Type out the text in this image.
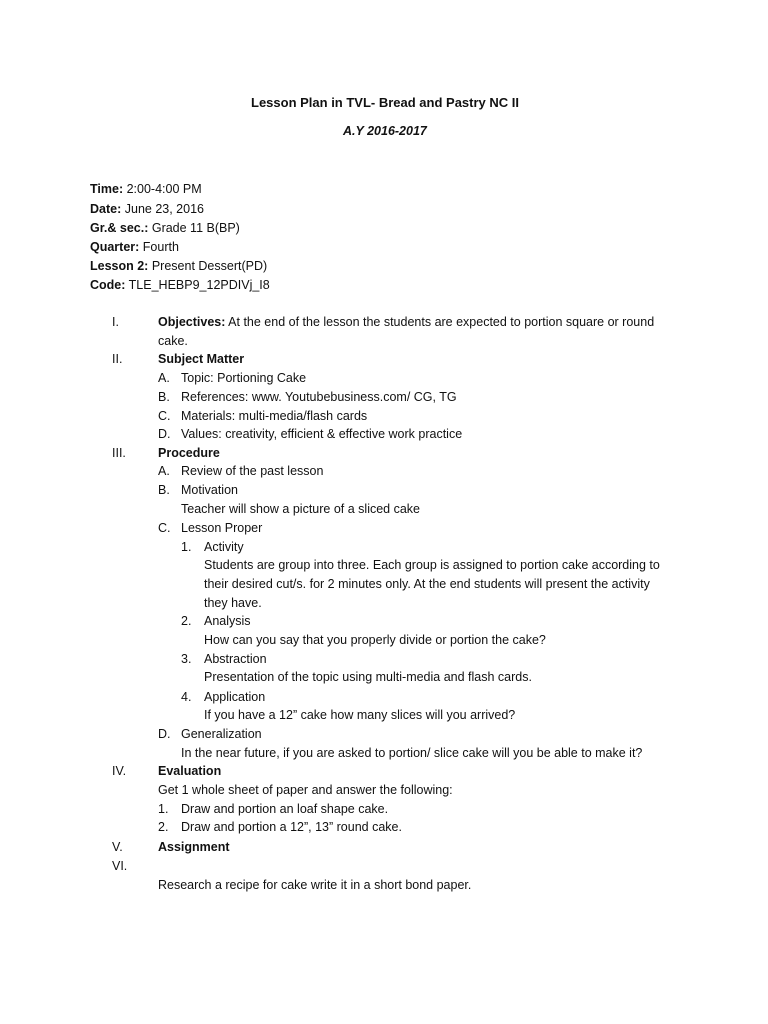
Lesson Plan in TVL- Bread and Pastry NC II
A.Y 2016-2017
Time: 2:00-4:00 PM
Date: June 23, 2016
Gr.& sec.: Grade 11 B(BP)
Quarter: Fourth
Lesson 2: Present Dessert(PD)
Code: TLE_HEBP9_12PDIVj_I8
I.	Objectives: At the end of the lesson the students are expected to portion square or round
cake.
II.	Subject Matter
A. Topic: Portioning Cake
B. References: www. Youtubebusiness.com/ CG, TG
C. Materials: multi-media/flash cards
D. Values: creativity, efficient & effective work practice
III.	Procedure
A. Review of the past lesson
B. Motivation
Teacher will show a picture of a sliced cake
C. Lesson Proper
1. Activity
Students are group into three. Each group is assigned to portion cake according to
their desired cut/s. for 2 minutes only. At the end students will present the activity
they have.
2. Analysis
How can you say that you properly divide or portion the cake?
3. Abstraction
Presentation of the topic using multi-media and flash cards.
4. Application
If you have a 12” cake how many slices will you arrived?
D. Generalization
In the near future, if you are asked to portion/ slice cake will you be able to make it?
IV.	Evaluation
Get 1 whole sheet of paper and answer the following:
1. Draw and portion an loaf shape cake.
2. Draw and portion a 12”, 13” round cake.
V.	Assignment
VI.
Research a recipe for cake write it in a short bond paper.
